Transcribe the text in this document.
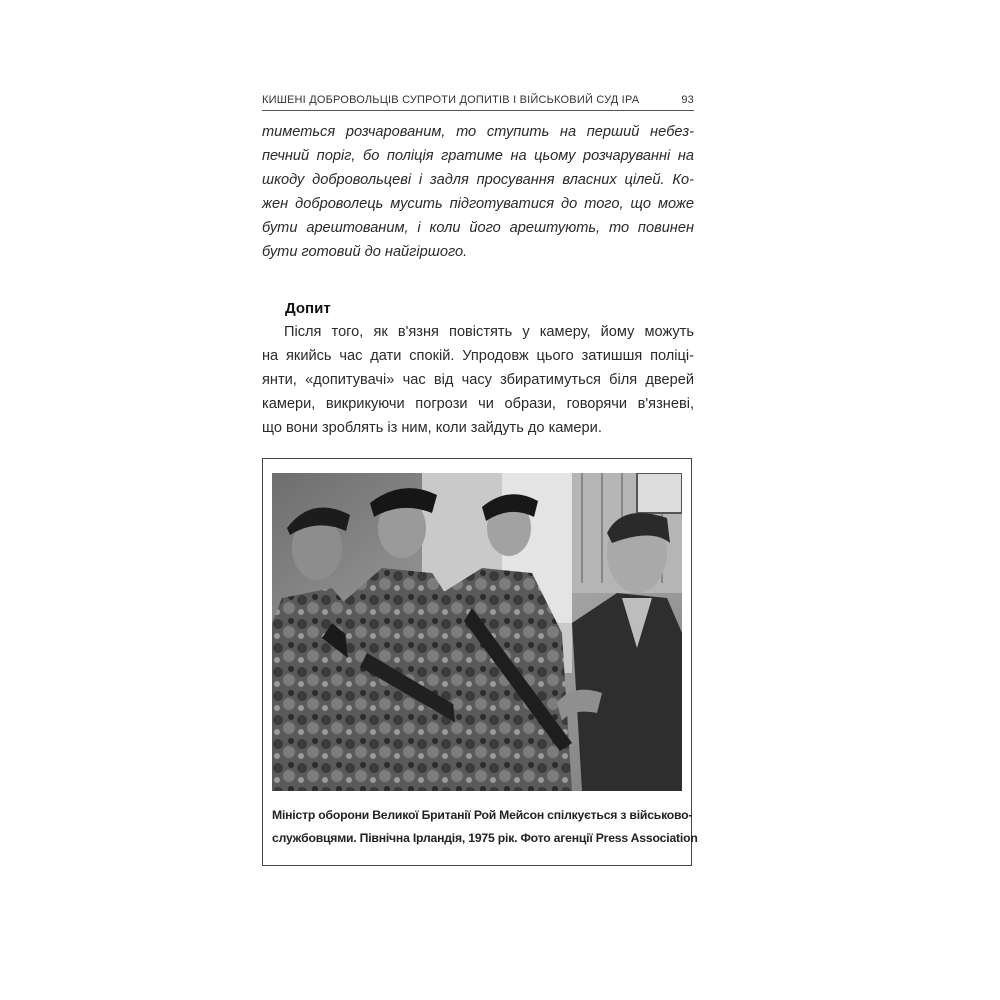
КИШЕНІ ДОБРОВОЛЬЦІВ СУПРОТИ ДОПИТІВ І ВІЙСЬКОВИЙ СУД ІРА	93
тиметься розчарованим, то ступить на перший небез-
печний поріг, бо поліція гратиме на цьому розчаруванні на
шкоду добровольцеві і задля просування власних цілей. Ко-
жен доброволець мусить підготуватися до того, що може
бути арештованим, і коли його арештують, то повинен
бути готовий до найгіршого.
Допит
Після того, як в'язня повістять у камеру, йому можуть
на якийсь час дати спокій. Упродовж цього затишшя поліці-
янти, «допитувачі» час від часу збиратимуться біля дверей
камери, викрикуючи погрози чи образи, говорячи в'язневі,
що вони зроблять із ним, коли зайдуть до камери.
Міністр оборони Великої Британії Рой Мейсон спілкується з військово-
службовцями. Північна Ірландія, 1975 рік. Фото агенції Press Association
